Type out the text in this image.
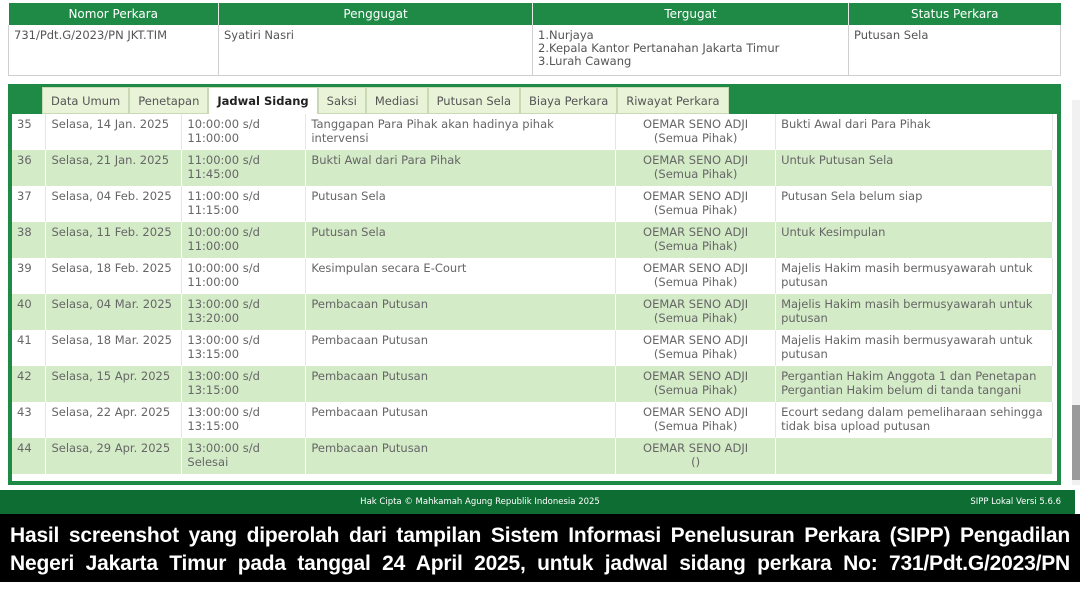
Nomor Perkara	Penggugat	Tergugat	Status Perkara
731/Pdt.G/2023/PN JKT.TIM	Syatiri Nasri	1.Nurjaya
2.Kepala Kantor Pertanahan Jakarta Timur
3.Lurah Cawang	Putusan Sela
Data Umum	Penetapan	Jadwal Sidang	Saksi	Mediasi	Putusan Sela	Biaya Perkara	Riwayat Perkara
35	Selasa, 14 Jan. 2025	10:00:00 s/d
11:00:00	Tanggapan Para Pihak akan hadinya pihak intervensi	OEMAR SENO ADJI
(Semua Pihak)	Bukti Awal dari Para Pihak

36	Selasa, 21 Jan. 2025	11:00:00 s/d
11:45:00	Bukti Awal dari Para Pihak	OEMAR SENO ADJI
(Semua Pihak)	Untuk Putusan Sela

37	Selasa, 04 Feb. 2025	11:00:00 s/d
11:15:00	Putusan Sela	OEMAR SENO ADJI
(Semua Pihak)	Putusan Sela belum siap

38	Selasa, 11 Feb. 2025	10:00:00 s/d
11:00:00	Putusan Sela	OEMAR SENO ADJI
(Semua Pihak)	Untuk Kesimpulan

39	Selasa, 18 Feb. 2025	10:00:00 s/d
11:00:00	Kesimpulan secara E-Court	OEMAR SENO ADJI
(Semua Pihak)	Majelis Hakim masih bermusyawarah untuk putusan

40	Selasa, 04 Mar. 2025	13:00:00 s/d
13:20:00	Pembacaan Putusan	OEMAR SENO ADJI
(Semua Pihak)	Majelis Hakim masih bermusyawarah untuk putusan

41	Selasa, 18 Mar. 2025	13:00:00 s/d
13:15:00	Pembacaan Putusan	OEMAR SENO ADJI
(Semua Pihak)	Majelis Hakim masih bermusyawarah untuk putusan

42	Selasa, 15 Apr. 2025	13:00:00 s/d
13:15:00	Pembacaan Putusan	OEMAR SENO ADJI
(Semua Pihak)	Pergantian Hakim Anggota 1 dan Penetapan Pergantian Hakim belum di tanda tangani

43	Selasa, 22 Apr. 2025	13:00:00 s/d
13:15:00	Pembacaan Putusan	OEMAR SENO ADJI
(Semua Pihak)	Ecourt sedang dalam pemeliharaan sehingga tidak bisa upload putusan

44	Selasa, 29 Apr. 2025	13:00:00 s/d Selesai	Pembacaan Putusan	OEMAR SENO ADJI
()	

Hak Cipta © Mahkamah Agung Republik Indonesia 2025	SIPP Lokal Versi 5.6.6
Hasil screenshot yang diperolah dari tampilan Sistem Informasi Penelusuran Perkara (SIPP) Pengadilan Negeri Jakarta Timur pada tanggal 24 April 2025, untuk jadwal sidang perkara No: 731/Pdt.G/2023/PN JKT.TIM.
